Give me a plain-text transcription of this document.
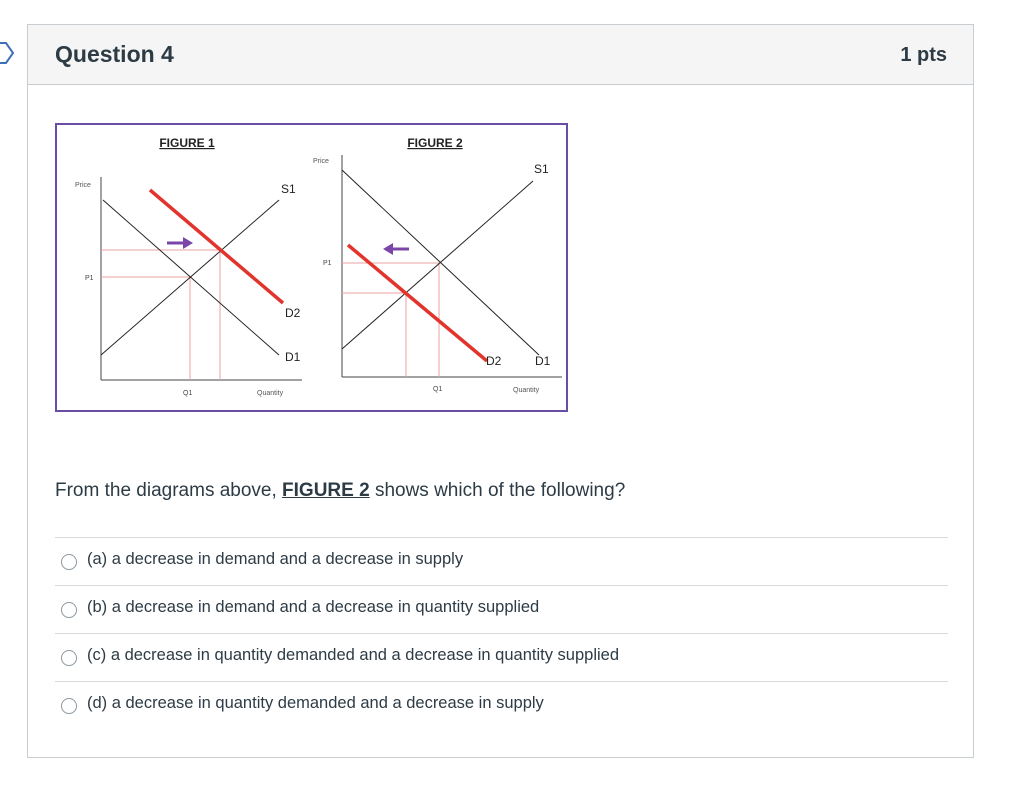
Question 4	1 pts
FIGURE 1
Price
Quantity
S1
D2
D1
P1
Q1
FIGURE 2
Price
Quantity
S1
D2	D1
P1
Q1
From the diagrams above, FIGURE 2 shows which of the following?
(a) a decrease in demand and a decrease in supply
(b) a decrease in demand and a decrease in quantity supplied
(c) a decrease in quantity demanded and a decrease in quantity supplied
(d) a decrease in quantity demanded and a decrease in supply
